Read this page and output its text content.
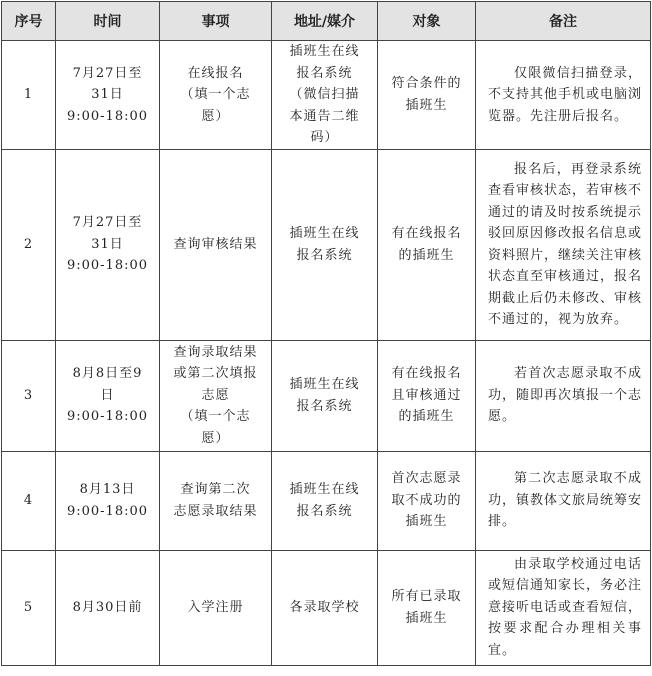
序号	时间	事项	地址/媒介	对象	备注
1	7月27日至
31日
9:00-18:00	在线报名
（填一个志
愿）	插班生在线
报名系统
（微信扫描
本通告二维
码）	符合条件的
插班生	仅限微信扫描登录，不支持其他手机或电脑浏览器。先注册后报名。

2	7月27日至
31日
9:00-18:00	查询审核结果	插班生在线
报名系统	有在线报名
的插班生	报名后，再登录系统查看审核状态，若审核不通过的请及时按系统提示驳回原因修改报名信息或资料照片，继续关注审核状态直至审核通过，报名期截止后仍未修改、审核不通过的，视为放弃。

3	8月8日至9
日
9:00-18:00	查询录取结果
或第二次填报
志愿
（填一个志
愿）	插班生在线
报名系统	有在线报名
且审核通过
的插班生	若首次志愿录取不成功，随即再次填报一个志愿。

4	8月13日
9:00-18:00	查询第二次
志愿录取结果	插班生在线
报名系统	首次志愿录
取不成功的
插班生	第二次志愿录取不成功，镇教体文旅局统筹安排。

5	8月30日前	入学注册	各录取学校	所有已录取
插班生	由录取学校通过电话或短信通知家长，务必注意接听电话或查看短信，按要求配合办理相关事宜。
